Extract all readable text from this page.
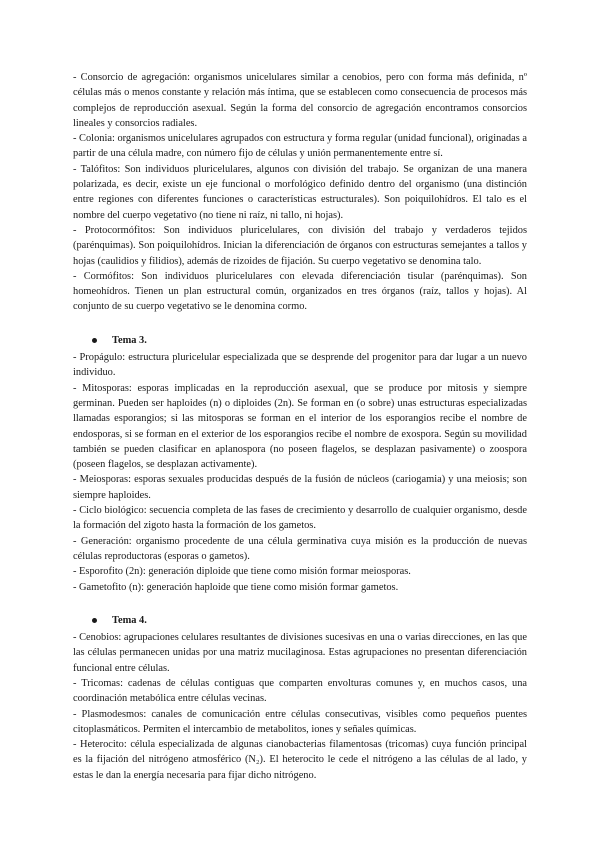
- Consorcio de agregación: organismos unicelulares similar a cenobios, pero con forma más definida, nº células más o menos constante y relación más íntima, que se establecen como consecuencia de procesos más complejos de reproducción asexual. Según la forma del consorcio de agregación encontramos consorcios lineales y consorcios radiales.

- Colonia: organismos unicelulares agrupados con estructura y forma regular (unidad funcional), originadas a partir de una célula madre, con número fijo de células y unión permanentemente entre sí.

- Talófitos: Son individuos pluricelulares, algunos con división del trabajo. Se organizan de una manera polarizada, es decir, existe un eje funcional o morfológico definido dentro del organismo (una distinción entre regiones con diferentes funciones o características estructurales). Son poiquilohídros. El talo es el nombre del cuerpo vegetativo (no tiene ni raíz, ni tallo, ni hojas).

- Protocormófitos: Son individuos pluricelulares, con división del trabajo y verdaderos tejidos (parénquimas). Son poiquilohídros. Inician la diferenciación de órganos con estructuras semejantes a tallos y hojas (caulidios y filidios), además de rizoides de fijación. Su cuerpo vegetativo se denomina talo.

- Cormófitos: Son individuos pluricelulares con elevada diferenciación tisular (parénquimas). Son homeohídros. Tienen un plan estructural común, organizados en tres órganos (raíz, tallos y hojas). Al conjunto de su cuerpo vegetativo se le denomina cormo.

Tema 3.

- Propágulo: estructura pluricelular especializada que se desprende del progenitor para dar lugar a un nuevo individuo.

- Mitosporas: esporas implicadas en la reproducción asexual, que se produce por mitosis y siempre germinan. Pueden ser haploides (n) o diploides (2n). Se forman en (o sobre) unas estructuras especializadas llamadas esporangios; si las mitosporas se forman en el interior de los esporangios recibe el nombre de endosporas, si se forman en el exterior de los esporangios recibe el nombre de exospora. Según su movilidad también se pueden clasificar en aplanospora (no poseen flagelos, se desplazan pasivamente) o zoospora (poseen flagelos, se desplazan activamente).

- Meiosporas: esporas sexuales producidas después de la fusión de núcleos (cariogamia) y una meiosis; son siempre haploides.

- Ciclo biológico: secuencia completa de las fases de crecimiento y desarrollo de cualquier organismo, desde la formación del zigoto hasta la formación de los gametos.

- Generación: organismo procedente de una célula germinativa cuya misión es la producción de nuevas células reproductoras (esporas o gametos).

- Esporofito (2n): generación diploide que tiene como misión formar meiosporas.

- Gametofito (n): generación haploide que tiene como misión formar gametos.

Tema 4.

- Cenobios: agrupaciones celulares resultantes de divisiones sucesivas en una o varias direcciones, en las que las células permanecen unidas por una matriz mucilaginosa. Estas agrupaciones no presentan diferenciación funcional entre células.

- Tricomas: cadenas de células contiguas que comparten envolturas comunes y, en muchos casos, una coordinación metabólica entre células vecinas.

- Plasmodesmos: canales de comunicación entre células consecutivas, visibles como pequeños puentes citoplasmáticos. Permiten el intercambio de metabolitos, iones y señales químicas.

- Heterocito: célula especializada de algunas cianobacterias filamentosas (tricomas) cuya función principal es la fijación del nitrógeno atmosférico (N₂). El heterocito le cede el nitrógeno a las células de al lado, y estas le dan la energía necesaria para fijar dicho nitrógeno.
